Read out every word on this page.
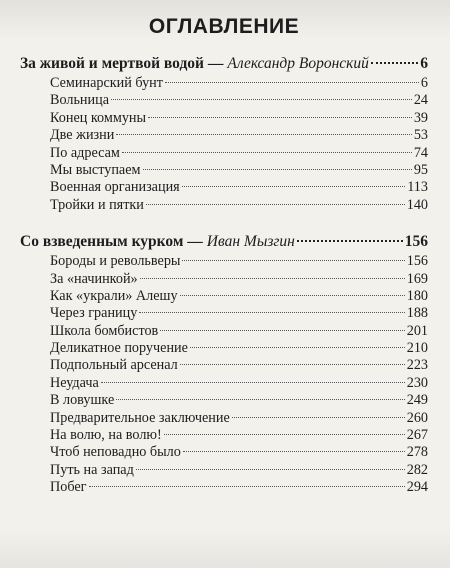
ОГЛАВЛЕНИЕ
За живой и мертвой водой — Александр Воронский	6
Семинарский бунт	6
Вольница	24
Конец коммуны	39
Две жизни	53
По адресам	74
Мы выступаем	95
Военная организация	113
Тройки и пятки	140
Со взведенным курком — Иван Мызгин	156
Бороды и револьверы	156
За «начинкой»	169
Как «украли» Алешу	180
Через границу	188
Школа бомбистов	201
Деликатное поручение	210
Подпольный арсенал	223
Неудача	230
В ловушке	249
Предварительное заключение	260
На волю, на волю!	267
Чтоб неповадно было	278
Путь на запад	282
Побег	294
